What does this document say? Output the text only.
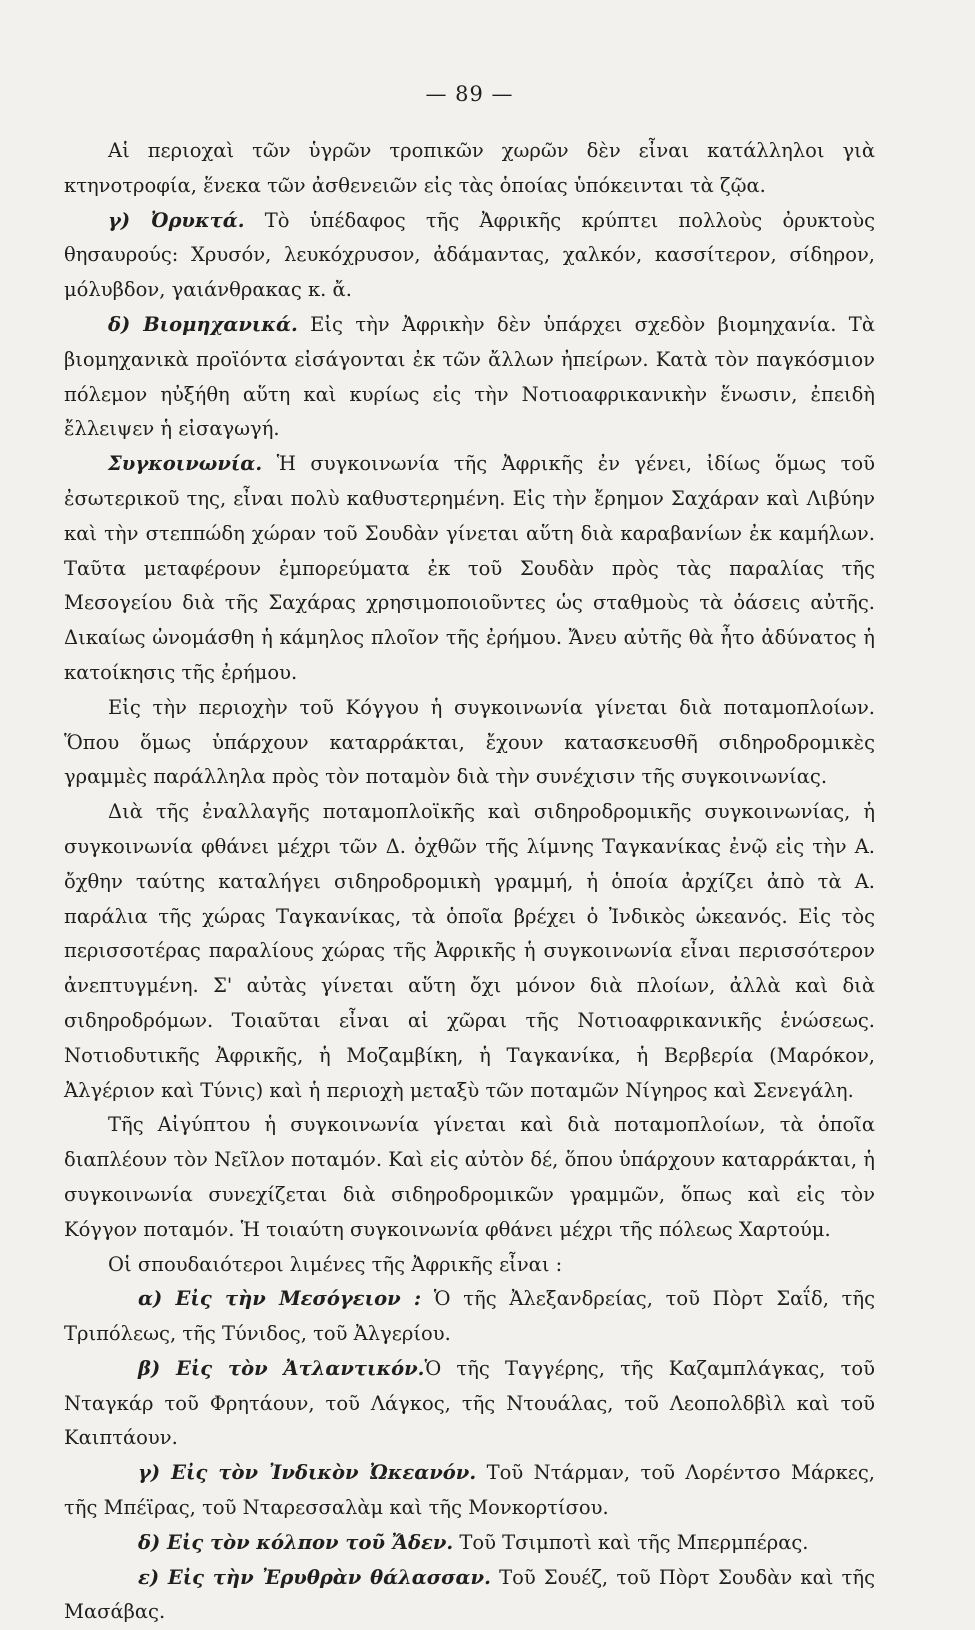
— 89 —

Αἱ περιοχαὶ τῶν ὑγρῶν τροπικῶν χωρῶν δὲν εἶναι κατάλληλοι γιὰ κτηνοτροφία, ἕνεκα τῶν ἀσθενειῶν εἰς τὰς ὁποίας ὑπόκεινται τὰ ζῷα.

γ) Ὀρυκτά. Τὸ ὑπέδαφος τῆς Ἀφρικῆς κρύπτει πολλοὺς ὀρυκτοὺς θησαυρούς: Χρυσόν, λευκόχρυσον, ἀδάμαντας, χαλκόν, κασσίτερον, σίδηρον, μόλυβδον, γαιάνθρακας κ. ἄ.

δ) Βιομηχανικά. Εἰς τὴν Ἀφρικὴν δὲν ὑπάρχει σχεδὸν βιομηχανία. Τὰ βιομηχανικὰ προϊόντα εἰσάγονται ἐκ τῶν ἄλλων ἠπείρων. Κατὰ τὸν παγκόσμιον πόλεμον ηὐξήθη αὕτη καὶ κυρίως εἰς τὴν Νοτιοαφρικανικὴν ἕνωσιν, ἐπειδὴ ἔλλειψεν ἡ εἰσαγωγή.

Συγκοινωνία. Ἡ συγκοινωνία τῆς Ἀφρικῆς ἐν γένει, ἰδίως ὅμως τοῦ ἐσωτερικοῦ της, εἶναι πολὺ καθυστερημένη. Εἰς τὴν ἔρημον Σαχάραν καὶ Λιβύην καὶ τὴν στεππώδη χώραν τοῦ Σουδὰν γίνεται αὕτη διὰ καραβανίων ἐκ καμήλων. Ταῦτα μεταφέρουν ἐμπορεύματα ἐκ τοῦ Σουδὰν πρὸς τὰς παραλίας τῆς Μεσογείου διὰ τῆς Σαχάρας χρησιμοποιοῦντες ὡς σταθμοὺς τὰ ὀάσεις αὐτῆς. Δικαίως ὠνομάσθη ἡ κάμηλος πλοῖον τῆς ἐρήμου. Ἄνευ αὐτῆς θὰ ἦτο ἀδύνατος ἡ κατοίκησις τῆς ἐρήμου.

Εἰς τὴν περιοχὴν τοῦ Κόγγου ἡ συγκοινωνία γίνεται διὰ ποταμοπλοίων. Ὅπου ὅμως ὑπάρχουν καταρράκται, ἔχουν κατασκευσθῆ σιδηροδρομικὲς γραμμὲς παράλληλα πρὸς τὸν ποταμὸν διὰ τὴν συνέχισιν τῆς συγκοινωνίας.

Διὰ τῆς ἐναλλαγῆς ποταμοπλοϊκῆς καὶ σιδηροδρομικῆς συγκοινωνίας, ἡ συγκοινωνία φθάνει μέχρι τῶν Δ. ὀχθῶν τῆς λίμνης Ταγκανίκας ἐνῷ εἰς τὴν Α. ὄχθην ταύτης καταλήγει σιδηροδρομικὴ γραμμή, ἡ ὁποία ἀρχίζει ἀπὸ τὰ Α. παράλια τῆς χώρας Ταγκανίκας, τὰ ὁποῖα βρέχει ὁ Ἰνδικὸς ὠκεανός. Εἰς τὸς περισσοτέρας παραλίους χώρας τῆς Ἀφρικῆς ἡ συγκοινωνία εἶναι περισσότερον ἀνεπτυγμένη. Σ' αὐτὰς γίνεται αὕτη ὄχι μόνον διὰ πλοίων, ἀλλὰ καὶ διὰ σιδηροδρόμων. Τοιαῦται εἶναι αἱ χῶραι τῆς Νοτιοαφρικανικῆς ἑνώσεως. Νοτιοδυτικῆς Ἀφρικῆς, ἡ Μοζαμβίκη, ἡ Ταγκανίκα, ἡ Βερβερία (Μαρόκον, Ἀλγέριον καὶ Τύνις) καὶ ἡ περιοχὴ μεταξὺ τῶν ποταμῶν Νίγηρος καὶ Σενεγάλη.

Τῆς Αἰγύπτου ἡ συγκοινωνία γίνεται καὶ διὰ ποταμοπλοίων, τὰ ὁποῖα διαπλέουν τὸν Νεῖλον ποταμόν. Καὶ εἰς αὐτὸν δέ, ὅπου ὑπάρχουν καταρράκται, ἡ συγκοινωνία συνεχίζεται διὰ σιδηροδρομικῶν γραμμῶν, ὅπως καὶ εἰς τὸν Κόγγον ποταμόν. Ἡ τοιαύτη συγκοινωνία φθάνει μέχρι τῆς πόλεως Χαρτούμ.

Οἱ σπουδαιότεροι λιμένες τῆς Ἀφρικῆς εἶναι :

α) Εἰς τὴν Μεσόγειον : Ὁ τῆς Ἀλεξανδρείας, τοῦ Πὸρτ Σαΐδ, τῆς Τριπόλεως, τῆς Τύνιδος, τοῦ Ἀλγερίου.

β) Εἰς τὸν Ἀτλαντικόν.Ὁ τῆς Ταγγέρης, τῆς Καζαμπλάγκας, τοῦ Νταγκάρ τοῦ Φρητάουν, τοῦ Λάγκος, τῆς Ντουάλας, τοῦ Λεοπολδβὶλ καὶ τοῦ Καιπτάουν.

γ) Εἰς τὸν Ἰνδικὸν Ὠκεανόν. Τοῦ Ντάρμαν, τοῦ Λορέντσο Μάρκες, τῆς Μπέϊρας, τοῦ Νταρεσσαλὰμ καὶ τῆς Μονκορτίσου.

δ) Εἰς τὸν κόλπον τοῦ Ἄδεν. Τοῦ Τσιμποτὶ καὶ τῆς Μπερμπέρας.

ε) Εἰς τὴν Ἐρυθρὰν θάλασσαν. Τοῦ Σουέζ, τοῦ Πὸρτ Σουδὰν καὶ τῆς Μασάβας.
